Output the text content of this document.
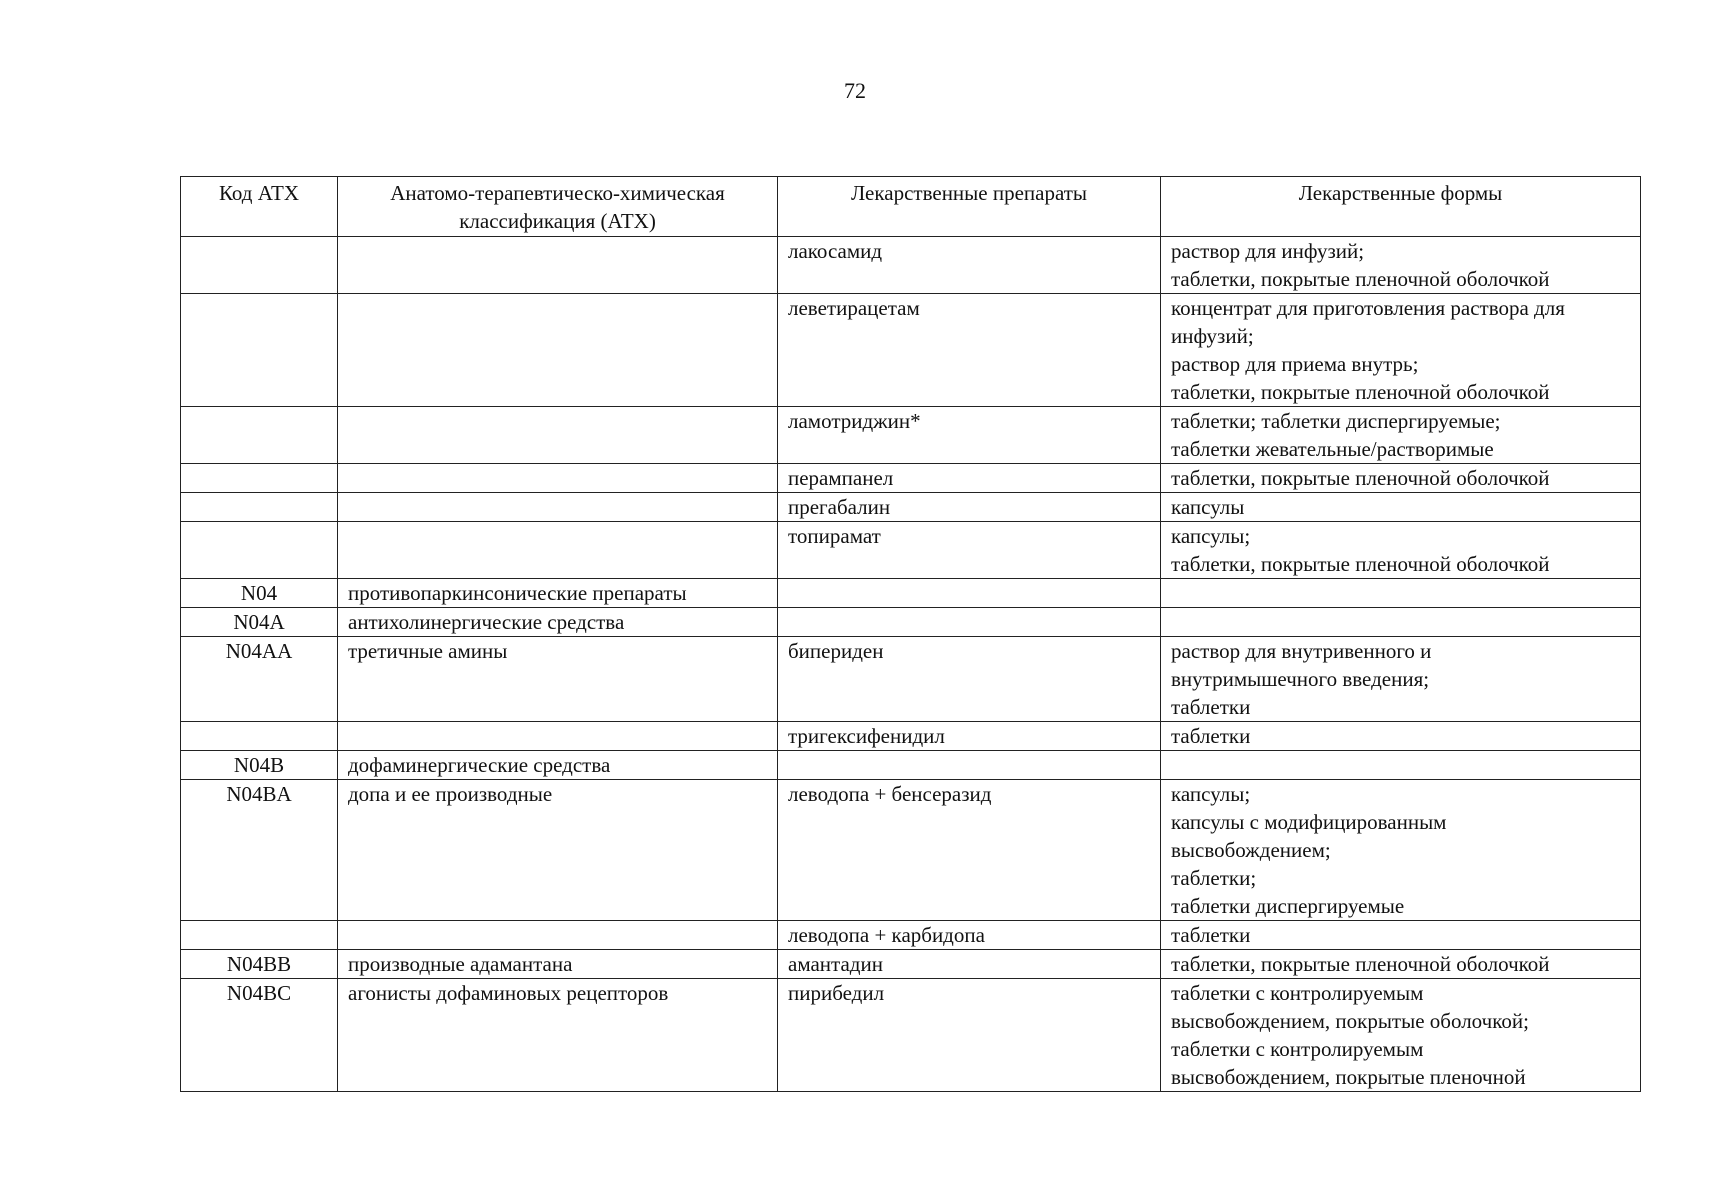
72
Код АТХ	Анатомо-терапевтическо-химическая классификация (АТХ)	Лекарственные препараты	Лекарственные формы
		лакосамид	раствор для инфузий;
таблетки, покрытые пленочной оболочкой
		леветирацетам	концентрат для приготовления раствора для инфузий;
раствор для приема внутрь;
таблетки, покрытые пленочной оболочкой
		ламотриджин*	таблетки; таблетки диспергируемые;
таблетки жевательные/растворимые
		перампанел	таблетки, покрытые пленочной оболочкой
		прегабалин	капсулы
		топирамат	капсулы;
таблетки, покрытые пленочной оболочкой
N04	противопаркинсонические препараты		
N04A	антихолинергические средства		
N04AA	третичные амины	бипериден	раствор для внутривенного и
внутримышечного введения;
таблетки
		тригексифенидил	таблетки
N04B	дофаминергические средства		
N04BA	допа и ее производные	леводопа + бенсеразид	капсулы;
капсулы с модифицированным
высвобождением;
таблетки;
таблетки диспергируемые
		леводопа + карбидопа	таблетки
N04BB	производные адамантана	амантадин	таблетки, покрытые пленочной оболочкой
N04BC	агонисты дофаминовых рецепторов	пирибедил	таблетки с контролируемым
высвобождением, покрытые оболочкой;
таблетки с контролируемым
высвобождением, покрытые пленочной
